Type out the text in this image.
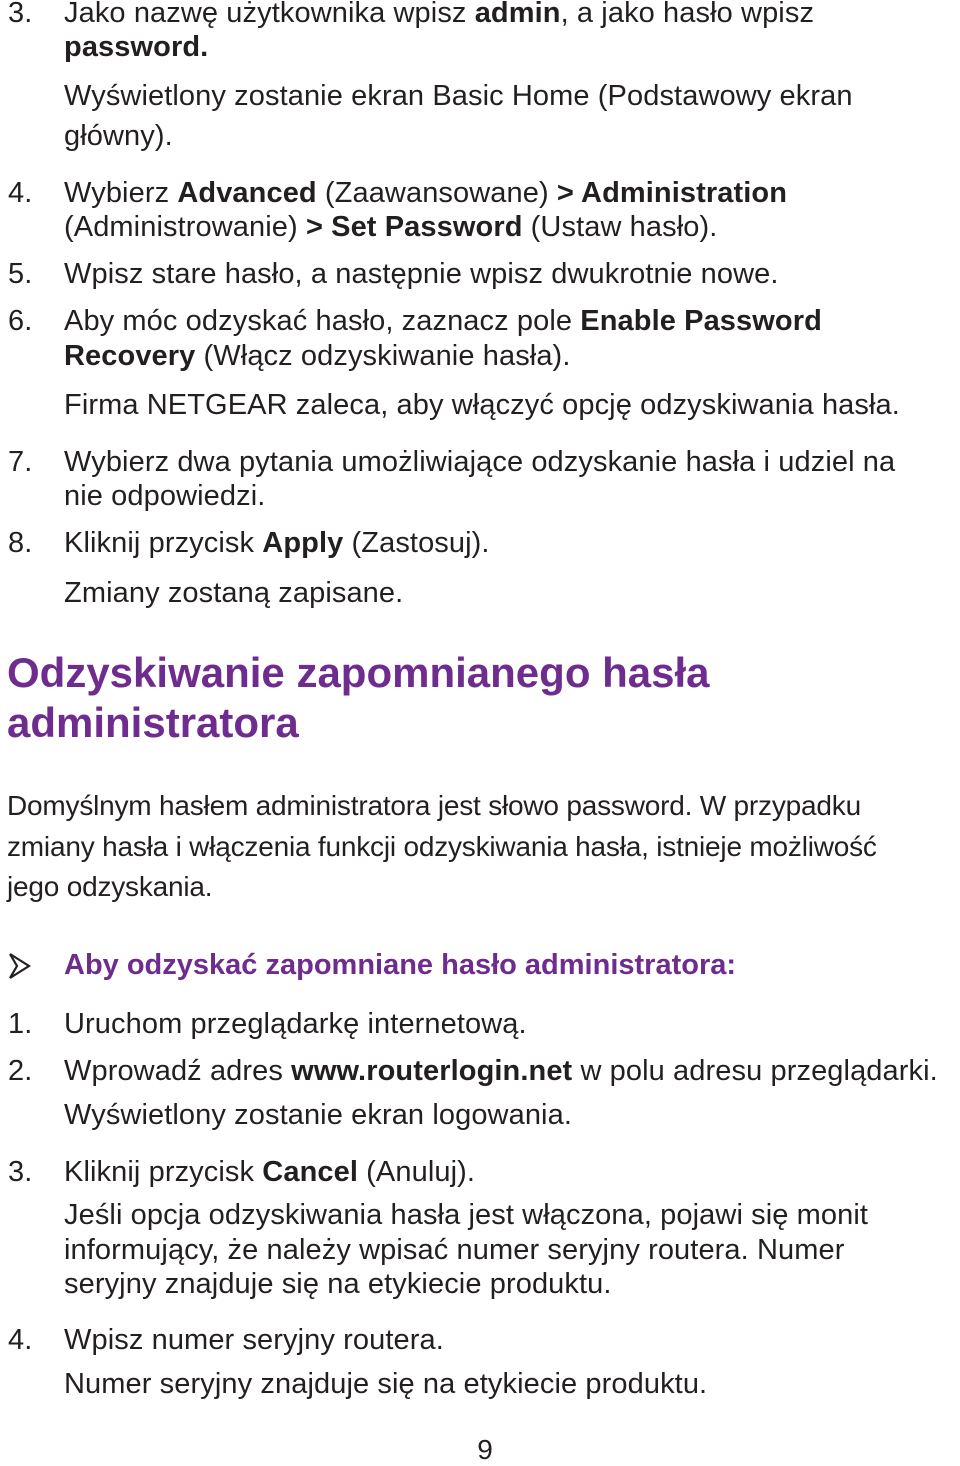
3. Jako nazwę użytkownika wpisz admin, a jako hasło wpisz
password.
Wyświetlony zostanie ekran Basic Home (Podstawowy ekran
główny).
4. Wybierz Advanced (Zaawansowane) > Administration
(Administrowanie) > Set Password (Ustaw hasło).
5. Wpisz stare hasło, a następnie wpisz dwukrotnie nowe.
6. Aby móc odzyskać hasło, zaznacz pole Enable Password
Recovery (Włącz odzyskiwanie hasła).
Firma NETGEAR zaleca, aby włączyć opcję odzyskiwania hasła.
7. Wybierz dwa pytania umożliwiające odzyskanie hasła i udziel na
nie odpowiedzi.
8. Kliknij przycisk Apply (Zastosuj).
Zmiany zostaną zapisane.
Odzyskiwanie zapomnianego hasła
administratora
Domyślnym hasłem administratora jest słowo password. W przypadku
zmiany hasła i włączenia funkcji odzyskiwania hasła, istnieje możliwość
jego odzyskania.
Aby odzyskać zapomniane hasło administratora:
1. Uruchom przeglądarkę internetową.
2. Wprowadź adres www.routerlogin.net w polu adresu przeglądarki.
Wyświetlony zostanie ekran logowania.
3. Kliknij przycisk Cancel (Anuluj).
Jeśli opcja odzyskiwania hasła jest włączona, pojawi się monit
informujący, że należy wpisać numer seryjny routera. Numer
seryjny znajduje się na etykiecie produktu.
4. Wpisz numer seryjny routera.
Numer seryjny znajduje się na etykiecie produktu.
9
